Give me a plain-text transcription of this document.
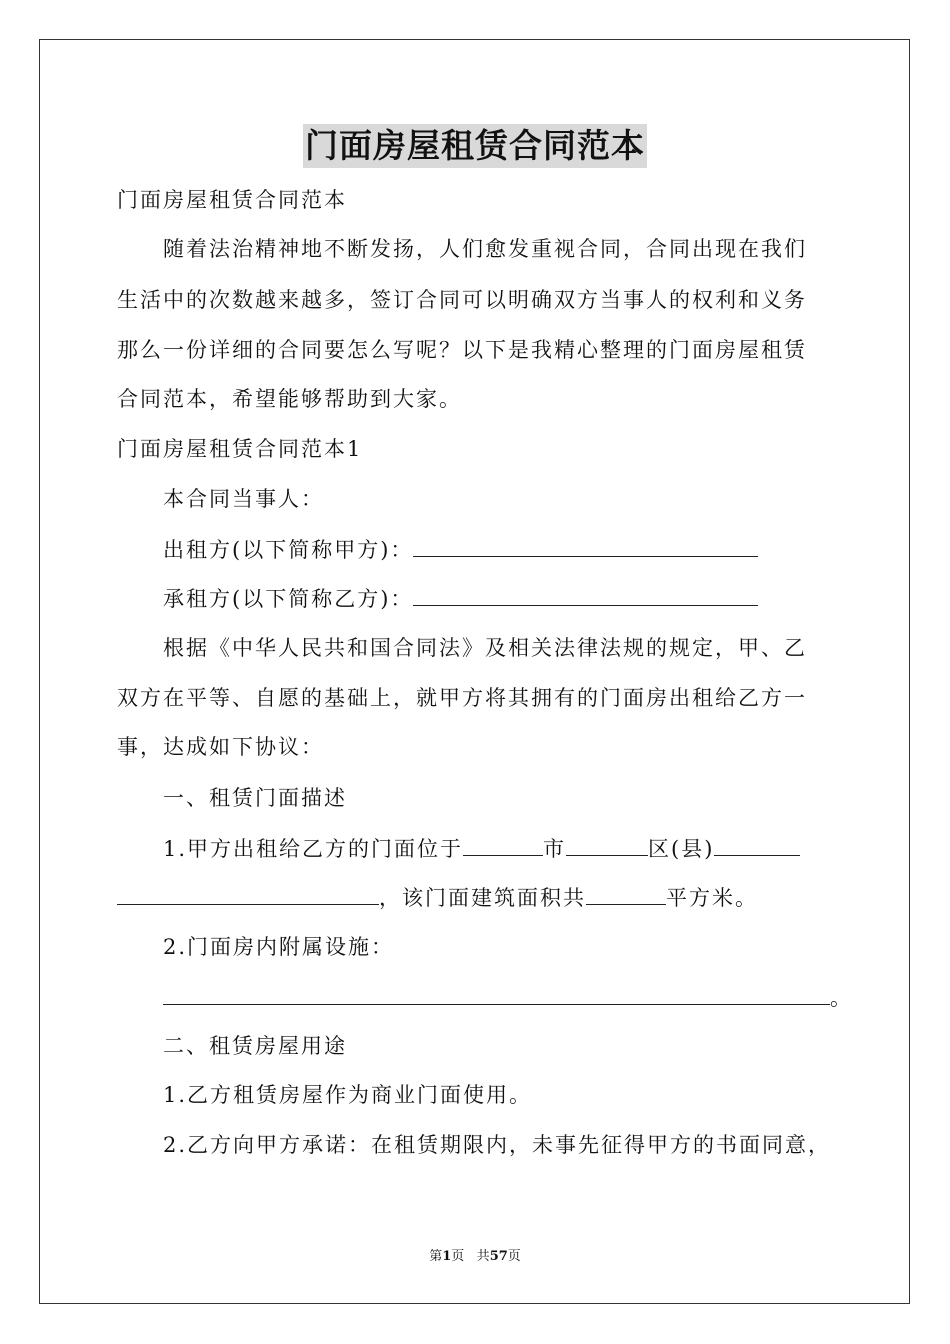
门面房屋租赁合同范本
门面房屋租赁合同范本
随着法治精神地不断发扬，人们愈发重视合同，合同出现在我们
生活中的次数越来越多，签订合同可以明确双方当事人的权利和义务
那么一份详细的合同要怎么写呢？以下是我精心整理的门面房屋租赁
合同范本，希望能够帮助到大家。
门面房屋租赁合同范本1
本合同当事人：
出租方(以下简称甲方)：
承租方(以下简称乙方)：
根据《中华人民共和国合同法》及相关法律法规的规定，甲、乙
双方在平等、自愿的基础上，就甲方将其拥有的门面房出租给乙方一
事，达成如下协议：
一、租赁门面描述
1.甲方出租给乙方的门面位于	市	区(县)
，该门面建筑面积共	平方米。
2.门面房内附属设施：
。
二、租赁房屋用途
1.乙方租赁房屋作为商业门面使用。
2.乙方向甲方承诺：在租赁期限内，未事先征得甲方的书面同意，
第1页 共57页
